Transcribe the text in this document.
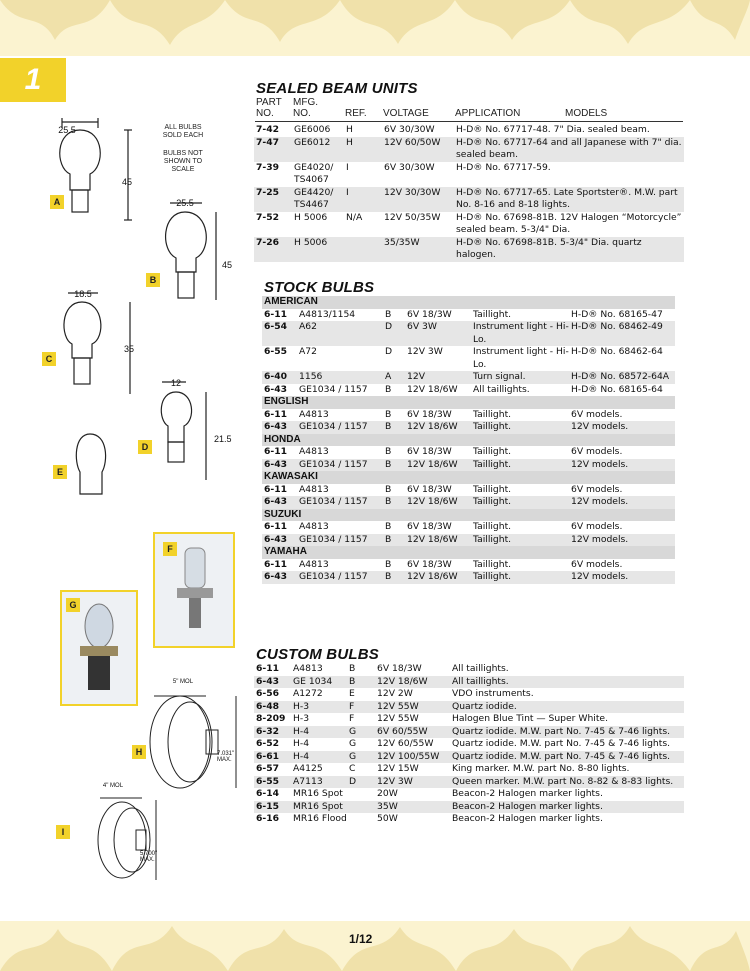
1
ALL BULBS SOLD EACH
BULBS NOT SHOWN TO SCALE
25.5
45
A	25.5
45
B
18.5
35
C
12
21.5
D
E
F
G
5" MOL
7.031" MAX.
H
4" MOL
5.700" MAX.
I
SEALED BEAM UNITS
PART NO.
MFG. NO.	REF. VOLTAGE	APPLICATION	MODELS
7-42	GE6006	H	6V 30/30W	H-D® No. 67717-48. 7" Dia. sealed beam.
7-47	GE6012	H	12V 60/50W	H-D® No. 67717-64 and all Japanese with 7" dia. sealed beam.
7-39	GE4020/ TS4067	I	6V 30/30W	H-D® No. 67717-59.
7-25	GE4420/ TS4467	I	12V 30/30W	H-D® No. 67717-65. Late Sportster®. M.W. part No. 8-16 and 8-18 lights.
7-52	H 5006	N/A	12V 50/35W	H-D® No. 67698-81B. 12V Halogen “Motorcycle” sealed beam. 5-3/4" Dia.
7-26	H 5006		35/35W	H-D® No. 67698-81B. 5-3/4" Dia. quartz halogen.
STOCK BULBS
AMERICAN					
6-11	A4813/1154	B	6V 18/3W	Taillight.	H-D® No. 68165-47
6-54	A62	D	6V 3W	Instrument light - Hi-Lo.	H-D® No. 68462-49
6-55	A72	D	12V 3W	Instrument light - Hi-Lo.	H-D® No. 68462-64
6-40	1156	A	12V	Turn signal.	H-D® No. 68572-64A
6-43	GE1034 / 1157	B	12V 18/6W	All taillights.	H-D® No. 68165-64
ENGLISH					
6-11	A4813	B	6V 18/3W	Taillight.	6V models.
6-43	GE1034 / 1157	B	12V 18/6W	Taillight.	12V models.
HONDA					
6-11	A4813	B	6V 18/3W	Taillight.	6V models.
6-43	GE1034 / 1157	B	12V 18/6W	Taillight.	12V models.
KAWASAKI					
6-11	A4813	B	6V 18/3W	Taillight.	6V models.
6-43	GE1034 / 1157	B	12V 18/6W	Taillight.	12V models.
SUZUKI					
6-11	A4813	B	6V 18/3W	Taillight.	6V models.
6-43	GE1034 / 1157	B	12V 18/6W	Taillight.	12V models.
YAMAHA					
6-11	A4813	B	6V 18/3W	Taillight.	6V models.
6-43	GE1034 / 1157	B	12V 18/6W	Taillight.	12V models.
CUSTOM BULBS
6-11	A4813	B	6V 18/3W	All taillights.
6-43	GE 1034	B	12V 18/6W	All taillights.
6-56	A1272	E	12V 2W	VDO instruments.
6-48	H-3	F	12V 55W	Quartz iodide.
8-209	H-3	F	12V 55W	Halogen Blue Tint — Super White.
6-32	H-4	G	6V 60/55W	Quartz iodide. M.W. part No. 7-45 & 7-46 lights.
6-52	H-4	G	12V 60/55W	Quartz iodide. M.W. part No. 7-45 & 7-46 lights.
6-61	H-4	G	12V 100/55W	Quartz iodide. M.W. part No. 7-45 & 7-46 lights.
6-57	A4125	C	12V 15W	King marker. M.W. part No. 8-80 lights.
6-55	A7113	D	12V 3W	Queen marker. M.W. part No. 8-82 & 8-83 lights.
6-14	MR16 Spot		20W	Beacon-2 Halogen marker lights.
6-15	MR16 Spot		35W	Beacon-2 Halogen marker lights.
6-16	MR16 Flood		50W	Beacon-2 Halogen marker lights.
1/12
